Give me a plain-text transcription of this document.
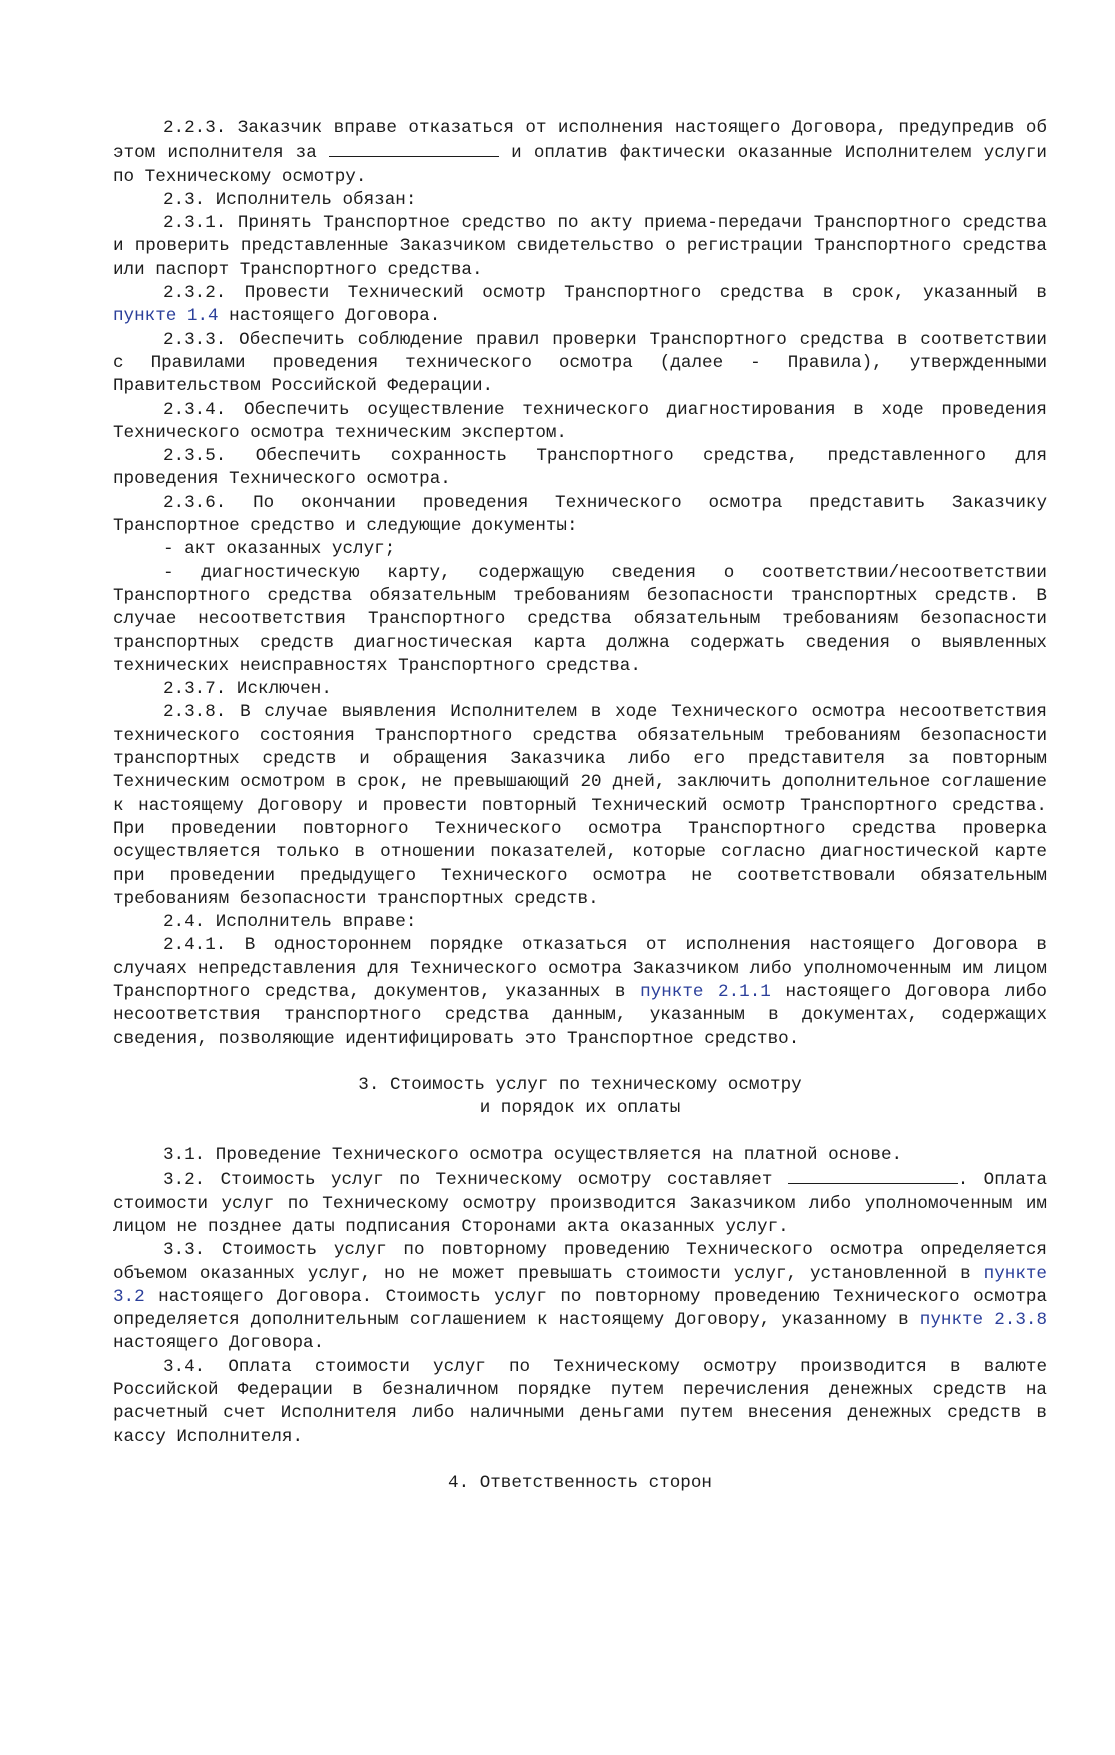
2.2.3. Заказчик вправе отказаться от исполнения настоящего Договора, предупредив об этом исполнителя за	и оплатив фактически оказанные Исполнителем услуги по Техническому осмотру.

2.3. Исполнитель обязан:

2.3.1. Принять Транспортное средство по акту приема-передачи Транспортного средства и проверить представленные Заказчиком свидетельство о регистрации Транспортного средства или паспорт Транспортного средства.

2.3.2. Провести Технический осмотр Транспортного средства в срок, указанный в пункте 1.4 настоящего Договора.

2.3.3. Обеспечить соблюдение правил проверки Транспортного средства в соответствии с Правилами проведения технического осмотра (далее - Правила), утвержденными Правительством Российской Федерации.

2.3.4. Обеспечить осуществление технического диагностирования в ходе проведения Технического осмотра техническим экспертом.

2.3.5. Обеспечить сохранность Транспортного средства, представленного для проведения Технического осмотра.

2.3.6. По окончании проведения Технического осмотра представить Заказчику Транспортное средство и следующие документы:

- акт оказанных услуг;

- диагностическую карту, содержащую сведения о соответствии/несоответствии Транспортного средства обязательным требованиям безопасности транспортных средств. В случае несоответствия Транспортного средства обязательным требованиям безопасности транспортных средств диагностическая карта должна содержать сведения о выявленных технических неисправностях Транспортного средства.

2.3.7. Исключен.

2.3.8. В случае выявления Исполнителем в ходе Технического осмотра несоответствия технического состояния Транспортного средства обязательным требованиям безопасности транспортных средств и обращения Заказчика либо его представителя за повторным Техническим осмотром в срок, не превышающий 20 дней, заключить дополнительное соглашение к настоящему Договору и провести повторный Технический осмотр Транспортного средства. При проведении повторного Технического осмотра Транспортного средства проверка осуществляется только в отношении показателей, которые согласно диагностической карте при проведении предыдущего Технического осмотра не соответствовали обязательным требованиям безопасности транспортных средств.

2.4. Исполнитель вправе:

2.4.1. В одностороннем порядке отказаться от исполнения настоящего Договора в случаях непредставления для Технического осмотра Заказчиком либо уполномоченным им лицом Транспортного средства, документов, указанных в пункте 2.1.1 настоящего Договора либо несоответствия транспортного средства данным, указанным в документах, содержащих сведения, позволяющие идентифицировать это Транспортное средство.

3. Стоимость услуг по техническому осмотру

и порядок их оплаты

3.1. Проведение Технического осмотра осуществляется на платной основе.

3.2. Стоимость услуг по Техническому осмотру составляет	. Оплата стоимости услуг по Техническому осмотру производится Заказчиком либо уполномоченным им лицом не позднее даты подписания Сторонами акта оказанных услуг.

3.3. Стоимость услуг по повторному проведению Технического осмотра определяется объемом оказанных услуг, но не может превышать стоимости услуг, установленной в пункте 3.2 настоящего Договора. Стоимость услуг по повторному проведению Технического осмотра определяется дополнительным соглашением к настоящему Договору, указанному в пункте 2.3.8 настоящего Договора.

3.4. Оплата стоимости услуг по Техническому осмотру производится в валюте Российской Федерации в безналичном порядке путем перечисления денежных средств на расчетный счет Исполнителя либо наличными деньгами путем внесения денежных средств в кассу Исполнителя.

4. Ответственность сторон
